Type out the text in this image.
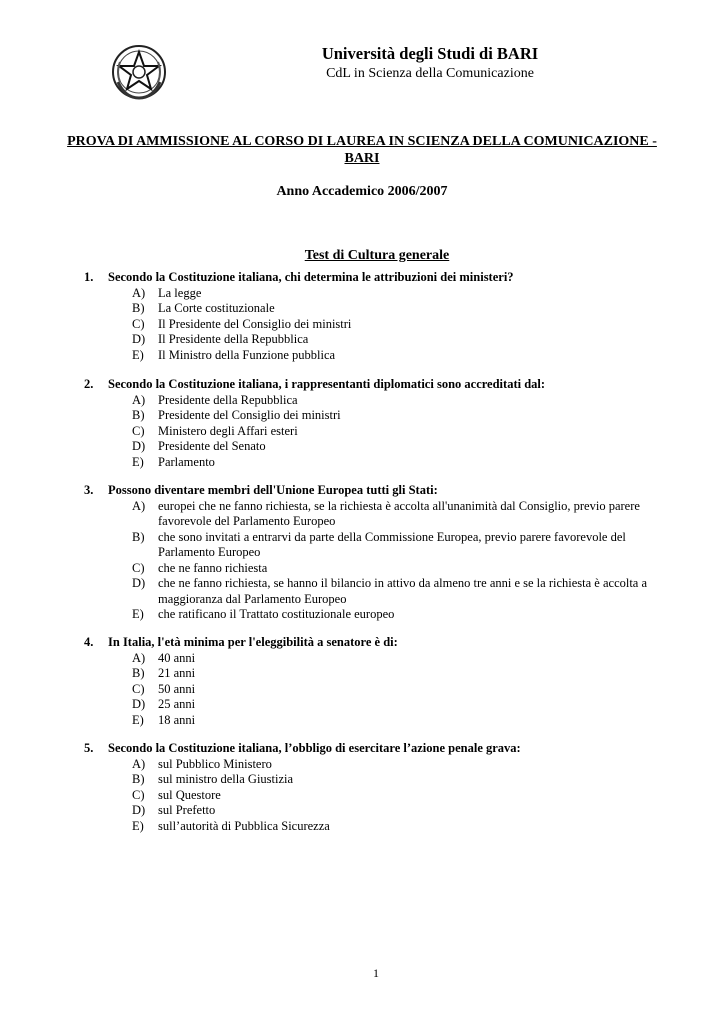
Università degli Studi di BARI
CdL in Scienza della Comunicazione
PROVA DI AMMISSIONE AL CORSO DI LAUREA IN SCIENZA DELLA COMUNICAZIONE - BARI
Anno Accademico 2006/2007
Test di Cultura generale
1.	Secondo la Costituzione italiana, chi determina le attribuzioni dei ministeri?
A)	La legge
B)	La Corte costituzionale
C)	Il Presidente del Consiglio dei ministri
D)	Il Presidente della Repubblica
E)	Il Ministro della Funzione pubblica
2.	Secondo la Costituzione italiana, i rappresentanti diplomatici sono accreditati dal:
A)	Presidente della Repubblica
B)	Presidente del Consiglio dei ministri
C)	Ministero degli Affari esteri
D)	Presidente del Senato
E)	Parlamento
3.	Possono diventare membri dell'Unione Europea tutti gli Stati:
A)	europei che ne fanno richiesta, se la richiesta è accolta all'unanimità dal Consiglio, previo parere favorevole del Parlamento Europeo
B)	che sono invitati a entrarvi da parte della Commissione Europea, previo parere favorevole del Parlamento Europeo
C)	che ne fanno richiesta
D)	che ne fanno richiesta, se hanno il bilancio in attivo da almeno tre anni e se la richiesta è accolta a maggioranza dal Parlamento Europeo
E)	che ratificano il Trattato costituzionale europeo
4.	In Italia, l'età minima per l'eleggibilità a senatore è di:
A)	40 anni
B)	21 anni
C)	50 anni
D)	25 anni
E)	18 anni
5.	Secondo la Costituzione italiana, l’obbligo di esercitare l’azione penale grava:
A)	sul Pubblico Ministero
B)	sul ministro della Giustizia
C)	sul Questore
D)	sul Prefetto
E)	sull’autorità di Pubblica Sicurezza
1
